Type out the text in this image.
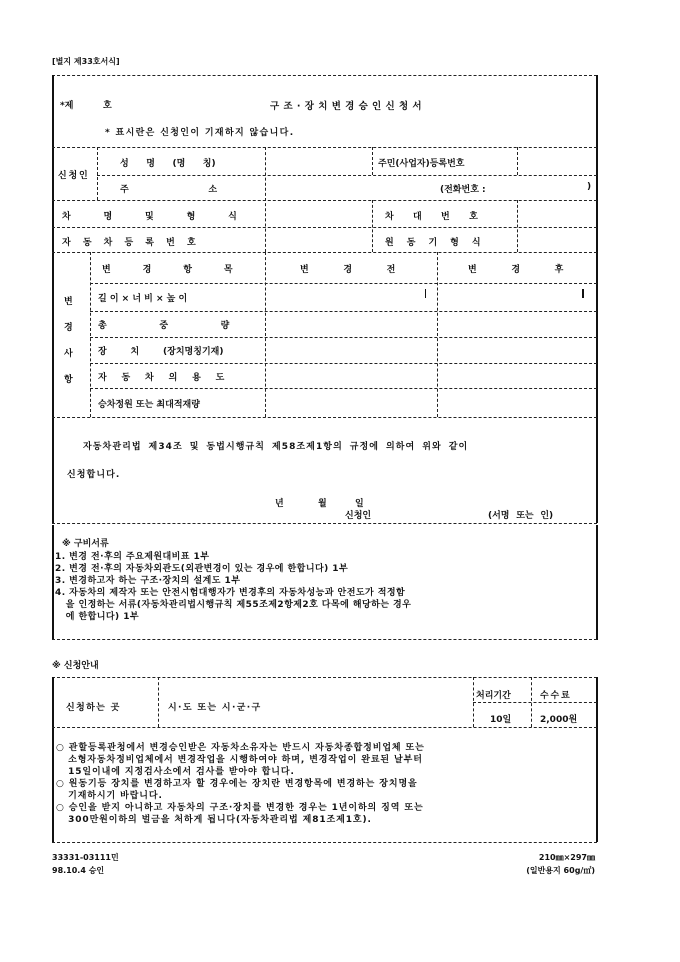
[별지 제33호서식]
*제	호	구조·장치변경승인신청서
* 표시란은 신청인이 기재하지 않습니다.
신청인
성 명 (명 칭)	주민(사업자)등록번호
주 소	(전화번호 :	)
차 명 및 형 식	차 대 번 호
자 동 차 등 록 번 호	원 동 기 형 식
변
경
사
항
변 경 항 목	변 경 전	변 경 후
길 이 × 너 비 × 높 이
총 중 량
장 치 (장치명칭기재)
자 동 차 의 용 도
승차정원 또는 최대적재량
자동차관리법 제34조 및 동법시행규칙 제58조제1항의 규정에 의하여 위와 같이
신청합니다.
년	월	일
신청인	(서명 또는 인)
※ 구비서류
1. 변경 전·후의 주요제원대비표 1부
2. 변경 전·후의 자동차외관도(외관변경이 있는 경우에 한합니다) 1부
3. 변경하고자 하는 구조·장치의 설계도 1부
4. 자동차의 제작자 또는 안전시험대행자가 변경후의 자동차성능과 안전도가 적정함
을 인정하는 서류(자동차관리법시행규칙 제55조제2항제2호 다목에 해당하는 경우
에 한합니다) 1부
※ 신청안내
신청하는 곳	시·도 또는 시·군·구
처리기간	수수료
10일	2,000원
○ 관할등록관청에서 변경승인받은 자동차소유자는 반드시 자동차종합정비업체 또는
소형자동차정비업체에서 변경작업을 시행하여야 하며, 변경작업이 완료된 날부터
15일이내에 지정검사소에서 검사를 받아야 합니다.
○ 원동기등 장치를 변경하고자 할 경우에는 장치란 변경항목에 변경하는 장치명을
기재하시기 바랍니다.
○ 승인을 받지 아니하고 자동차의 구조·장치를 변경한 경우는 1년이하의 징역 또는
300만원이하의 벌금을 처하게 됩니다(자동차관리법 제81조제1호).
33331-03111민
98.10.4 승인
210㎜×297㎜
(일반용지 60g/㎡)
